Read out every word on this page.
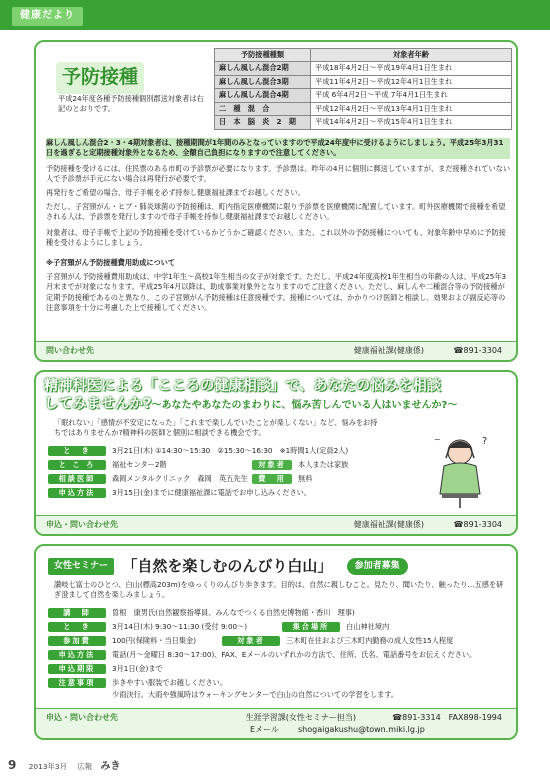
健康だより
予防接種
平成24年度各種予防接種個別郡送対象者は右記のとおりです。
予防接種種類	対象者年齢
麻しん風しん混合2期	平成18年4月2日～平成19年4月1日生まれ
麻しん風しん混合3期	平成11年4月2日～平成12年4月1日生まれ
麻しん風しん混合4期	平成 6年4月2日～平成 7年4月1日生まれ
二　種　混　合	平成12年4月2日～平成13年4月1日生まれ
日　本　脳　炎　2　期	平成14年4月2日～平成15年4月1日生まれ
麻しん風しん混合2・3・4期対象者は、接種期間が1年間のみとなっていますので平成24年度中に受けるようにしましょう。平成25年3月31日を過ぎると定期接種対象外となるため、全額自己負担になりますので注意してください。
予防接種を受けるには、住民票のある市町の予診票が必要になります。予診票は、昨年の4月に個別に郵送していますが、まだ接種されていない人で予診票が手元にない場合は再発行が必要です。
再発行をご希望の場合、母子手帳を必ず持参し健康福祉課までお越しください。
ただし、子宮頸がん・ヒブ・肺炎球菌の予防接種は、町内指定医療機関に限り予診票を医療機関に配置しています。町外医療機関で接種を希望される人は、予診票を発行しますので母子手帳を持参し健康福祉課までお越しください。
対象者は、母子手帳で上記の予防接種を受けているかどうかご確認ください。また、これ以外の予防接種についても、対象年齢中早めに予防接種を受けるようにしましょう。
※子宮頸がん予防接種費用助成について
子宮頸がん予防接種費用助成は、中学1年生～高校1年生相当の女子が対象です。ただし、平成24年度高校1年生相当の年齢の人は、平成25年3月末までが対象になります。平成25年4月以降は、助成事業対象外となりますのでご注意ください。ただし、麻しんや二種混合等の予防接種が定期予防接種であるのと異なり、この子宮頸がん予防接種は任意接種です。接種については、かかりつけ医師と相談し、効果および副反応等の注意事項を十分に考慮した上で接種してください。
問い合わせ先	健康福祉課(健康係)	☎891-3304
精神科医による「こころの健康相談」で、あなたの悩みを相談
してみませんか?～あなたやあなたのまわりに、悩み苦しんでいる人はいませんか?～
「眠れない」「感情が不安定になった」「これまで楽しんでいたことが楽しくない」など、悩みをお持ちではありませんか?精神科の医師と個別に相談できる機会です。
と　き	3月21日(木) ①14:30～15:30　②15:30～16:30　※1時間1人(定員2人)
と こ ろ 福祉センター2階	対象者 本人または家族
相談医師 森岡メンタルクリニック　森岡　英五先生 費　用 無料
申込方法 3月15日(金)までに健康福祉課に電話でお申し込みください。
?
~
申込・問い合わせ先	健康福祉課(健康係)	☎891-3304
女性セミナー 「自然を楽しむのんびり白山」 参加者募集
讃岐七富士のひとつ、白山(標高203m)をゆっくりのんびり歩きます。目的は、自然に親しむこと。見たり、聞いたり、触ったり…五感を研ぎ澄まして自然を楽しみましょう。
講　師	曽根　康男氏(自然観察指導員、みんなでつくる自然史博物館・香川　理事)
と　き	3月14日(木) 9:30～11:30 (受付 9:00～)	集合場所 白山神社境内
参加費	100円(保険料・当日集金)	対象者	三木町在住および三木町内勤務の成人女性15人程度
申込方法 電話(月～金曜日 8:30～17:00)、FAX、Eメールのいずれかの方法で、住所、氏名、電話番号をお伝えください。
申込期限 3月1日(金)まで
注意事項 歩きやすい服装でお越しください。
少雨決行。大雨や強風時はウォーキングセンターで白山の自然についての学習をします。
申込・問い合わせ先	生涯学習課(女性セミナー担当)	☎891-3314　FAX898-1994
Eメール shogaigakushu@town.miki.lg.jp
9 2013年3月 広報 みき
